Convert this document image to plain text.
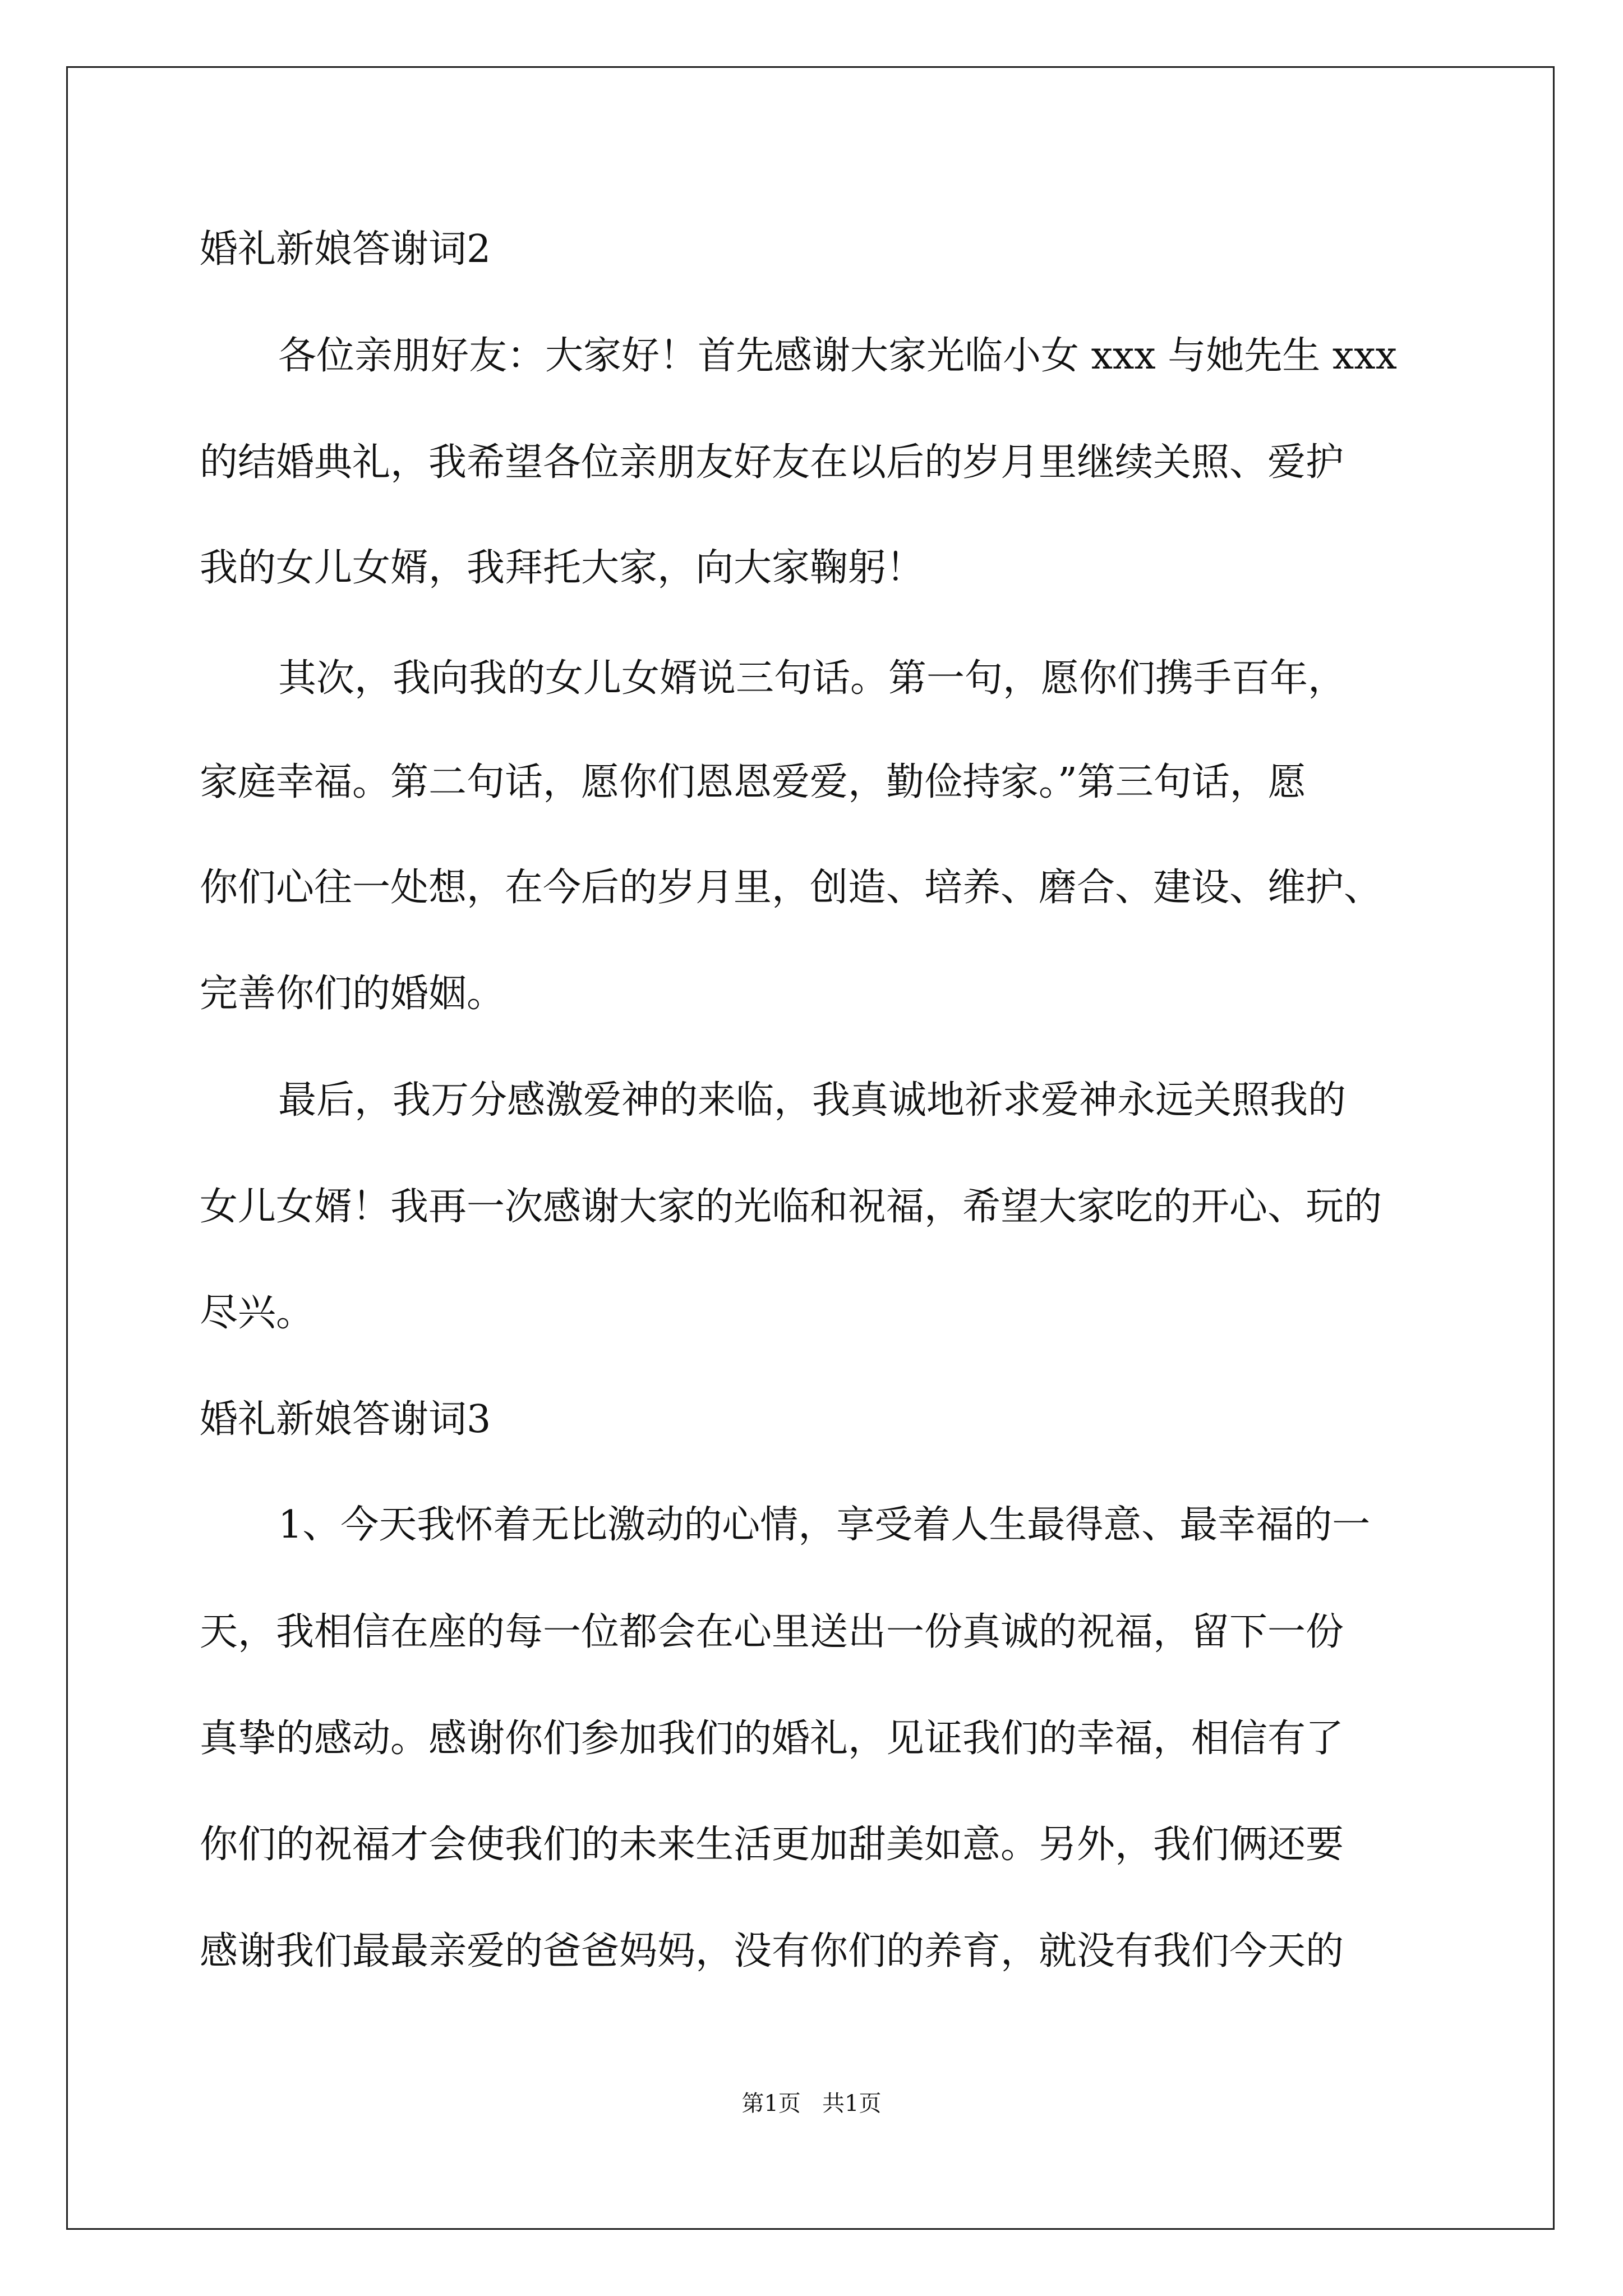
婚礼新娘答谢词2
各位亲朋好友：大家好！首先感谢大家光临小女 xxx 与她先生 xxx
的结婚典礼，我希望各位亲朋友好友在以后的岁月里继续关照、爱护
我的女儿女婿，我拜托大家，向大家鞠躬！
其次，我向我的女儿女婿说三句话。第一句，愿你们携手百年，
家庭幸福。第二句话，愿你们恩恩爱爱，勤俭持家。”第三句话，愿
你们心往一处想，在今后的岁月里，创造、培养、磨合、建设、维护、
完善你们的婚姻。
最后，我万分感激爱神的来临，我真诚地祈求爱神永远关照我的
女儿女婿！我再一次感谢大家的光临和祝福，希望大家吃的开心、玩的
尽兴。
婚礼新娘答谢词3
1、今天我怀着无比激动的心情，享受着人生最得意、最幸福的一
天，我相信在座的每一位都会在心里送出一份真诚的祝福，留下一份
真挚的感动。感谢你们参加我们的婚礼，见证我们的幸福，相信有了
你们的祝福才会使我们的未来生活更加甜美如意。另外，我们俩还要
感谢我们最最亲爱的爸爸妈妈，没有你们的养育，就没有我们今天的
第1页   共1页
